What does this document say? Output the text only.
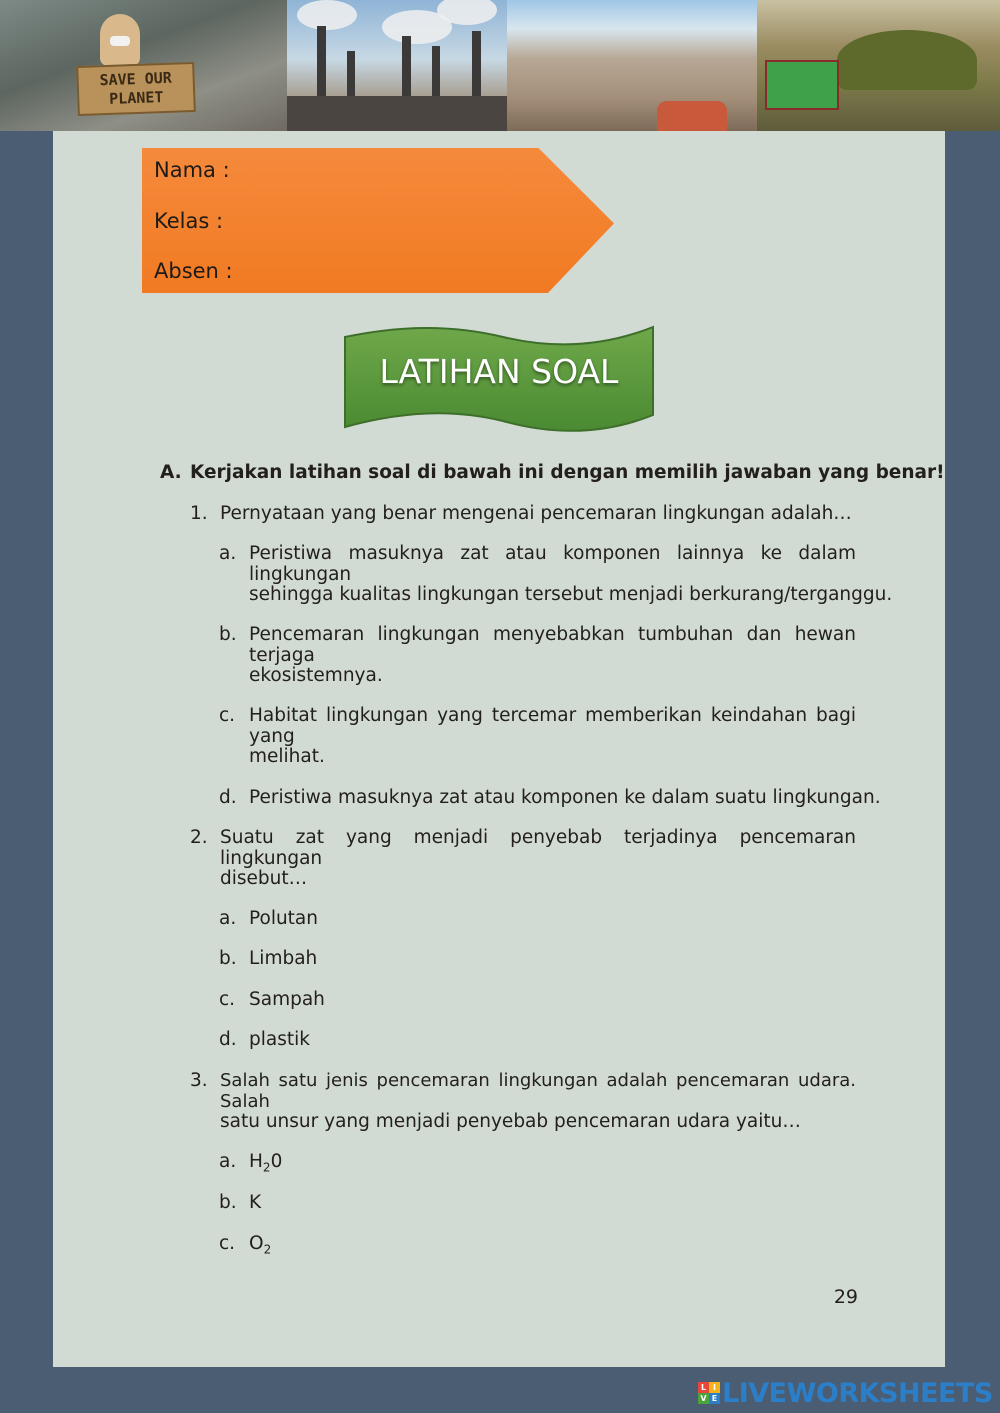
SAVE OUR
PLANET
Nama :
Kelas :
Absen :
LATIHAN SOAL
A. Kerjakan latihan soal di bawah ini dengan memilih jawaban yang benar!
1. Pernyataan yang benar mengenai pencemaran lingkungan adalah…
a. Peristiwa masuknya zat atau komponen lainnya ke dalam lingkungan
sehingga kualitas lingkungan tersebut menjadi berkurang/terganggu.
b. Pencemaran lingkungan menyebabkan tumbuhan dan hewan terjaga
ekosistemnya.
c. Habitat lingkungan yang tercemar memberikan keindahan bagi yang
melihat.
d. Peristiwa masuknya zat atau komponen ke dalam suatu lingkungan.
2. Suatu zat yang menjadi penyebab terjadinya pencemaran lingkungan
disebut…
a. Polutan
b. Limbah
c. Sampah
d. plastik
3. Salah satu jenis pencemaran lingkungan adalah pencemaran udara. Salah
satu unsur yang menjadi penyebab pencemaran udara yaitu…
a. $H_20$
b. K
c. $O_2$
29
L I
V E LIVEWORKSHEETS
